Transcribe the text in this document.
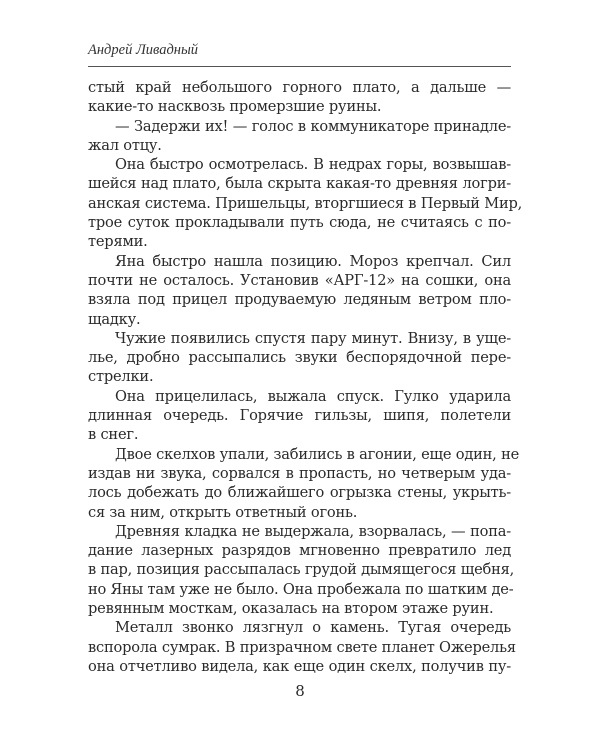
Андрей Ливадный
стый край небольшого горного плато, а дальше —
какие-то насквозь промерзшие руины.
— Задержи их! — голос в коммуникаторе принадле-
жал отцу.
Она быстро осмотрелась. В недрах горы, возвышав-
шейся над плато, была скрыта какая-то древняя логри-
анская система. Пришельцы, вторгшиеся в Первый Мир,
трое суток прокладывали путь сюда, не считаясь с по-
терями.
Яна быстро нашла позицию. Мороз крепчал. Сил
почти не осталось. Установив «АРГ-12» на сошки, она
взяла под прицел продуваемую ледяным ветром пло-
щадку.
Чужие появились спустя пару минут. Внизу, в уще-
лье, дробно рассыпались звуки беспорядочной пере-
стрелки.
Она прицелилась, выжала спуск. Гулко ударила
длинная очередь. Горячие гильзы, шипя, полетели
в снег.
Двое скелхов упали, забились в агонии, еще один, не
издав ни звука, сорвался в пропасть, но четверым уда-
лось добежать до ближайшего огрызка стены, укрыть-
ся за ним, открыть ответный огонь.
Древняя кладка не выдержала, взорвалась, — попа-
дание лазерных разрядов мгновенно превратило лед
в пар, позиция рассыпалась грудой дымящегося щебня,
но Яны там уже не было. Она пробежала по шатким де-
ревянным мосткам, оказалась на втором этаже руин.
Металл звонко лязгнул о камень. Тугая очередь
вспорола сумрак. В призрачном свете планет Ожерелья
она отчетливо видела, как еще один скелх, получив пу-
8
